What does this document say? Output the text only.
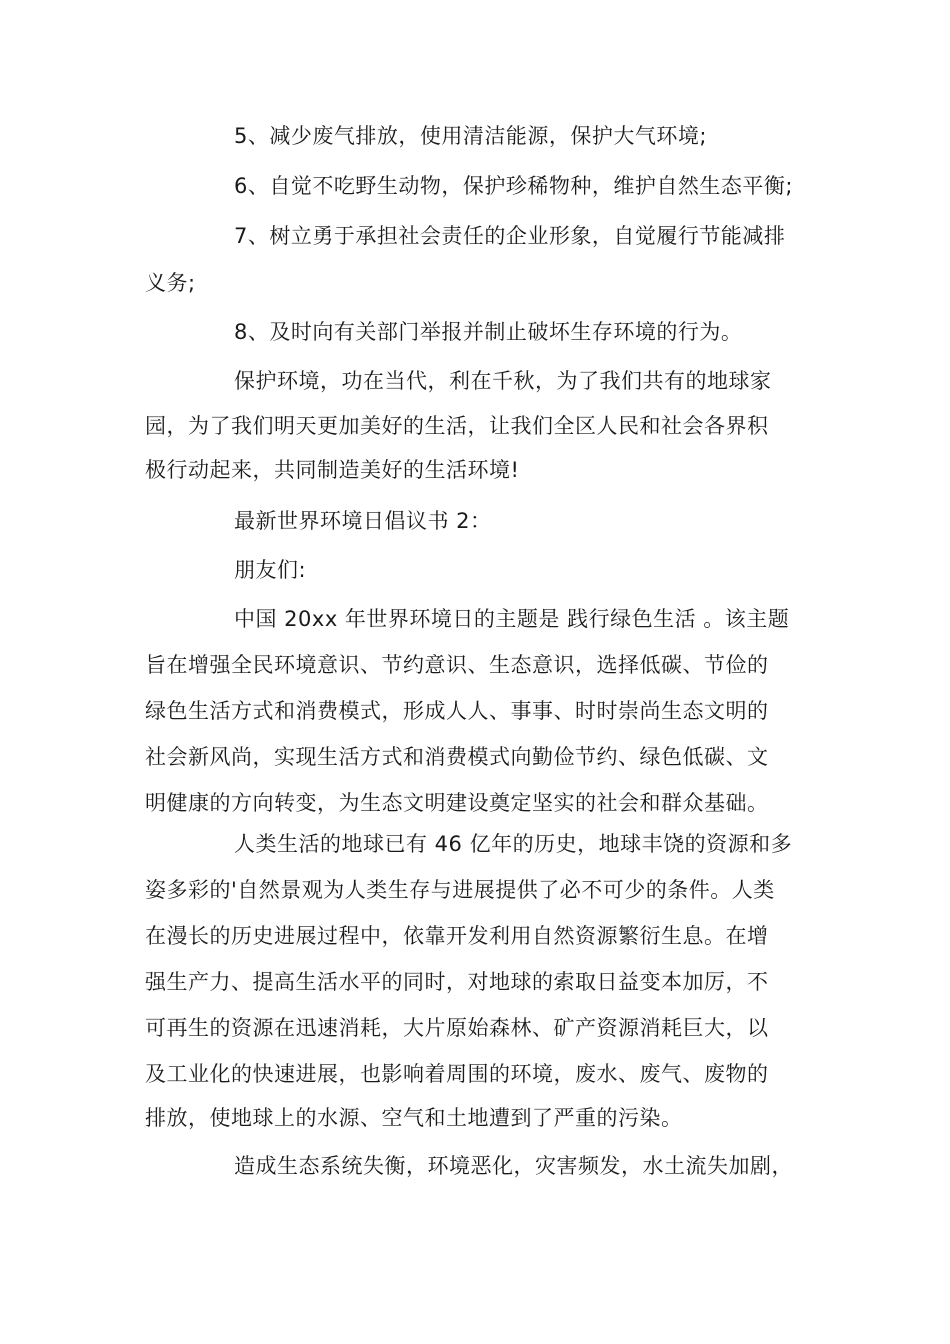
5、减少废气排放，使用清洁能源，保护大气环境;
6、自觉不吃野生动物，保护珍稀物种，维护自然生态平衡;
7、树立勇于承担社会责任的企业形象，自觉履行节能减排
义务;
8、及时向有关部门举报并制止破坏生存环境的行为。
保护环境，功在当代，利在千秋，为了我们共有的地球家
园，为了我们明天更加美好的生活，让我们全区人民和社会各界积
极行动起来，共同制造美好的生活环境!
最新世界环境日倡议书 2：
朋友们:
中国 20xx 年世界环境日的主题是 践行绿色生活 。该主题
旨在增强全民环境意识、节约意识、生态意识，选择低碳、节俭的
绿色生活方式和消费模式，形成人人、事事、时时崇尚生态文明的
社会新风尚，实现生活方式和消费模式向勤俭节约、绿色低碳、文
明健康的方向转变，为生态文明建设奠定坚实的社会和群众基础。
人类生活的地球已有 46 亿年的历史，地球丰饶的资源和多
姿多彩的'自然景观为人类生存与进展提供了必不可少的条件。人类
在漫长的历史进展过程中，依靠开发利用自然资源繁衍生息。在增
强生产力、提高生活水平的同时，对地球的索取日益变本加厉，不
可再生的资源在迅速消耗，大片原始森林、矿产资源消耗巨大，以
及工业化的快速进展，也影响着周围的环境，废水、废气、废物的
排放，使地球上的水源、空气和土地遭到了严重的污染。
造成生态系统失衡，环境恶化，灾害频发，水土流失加剧，
